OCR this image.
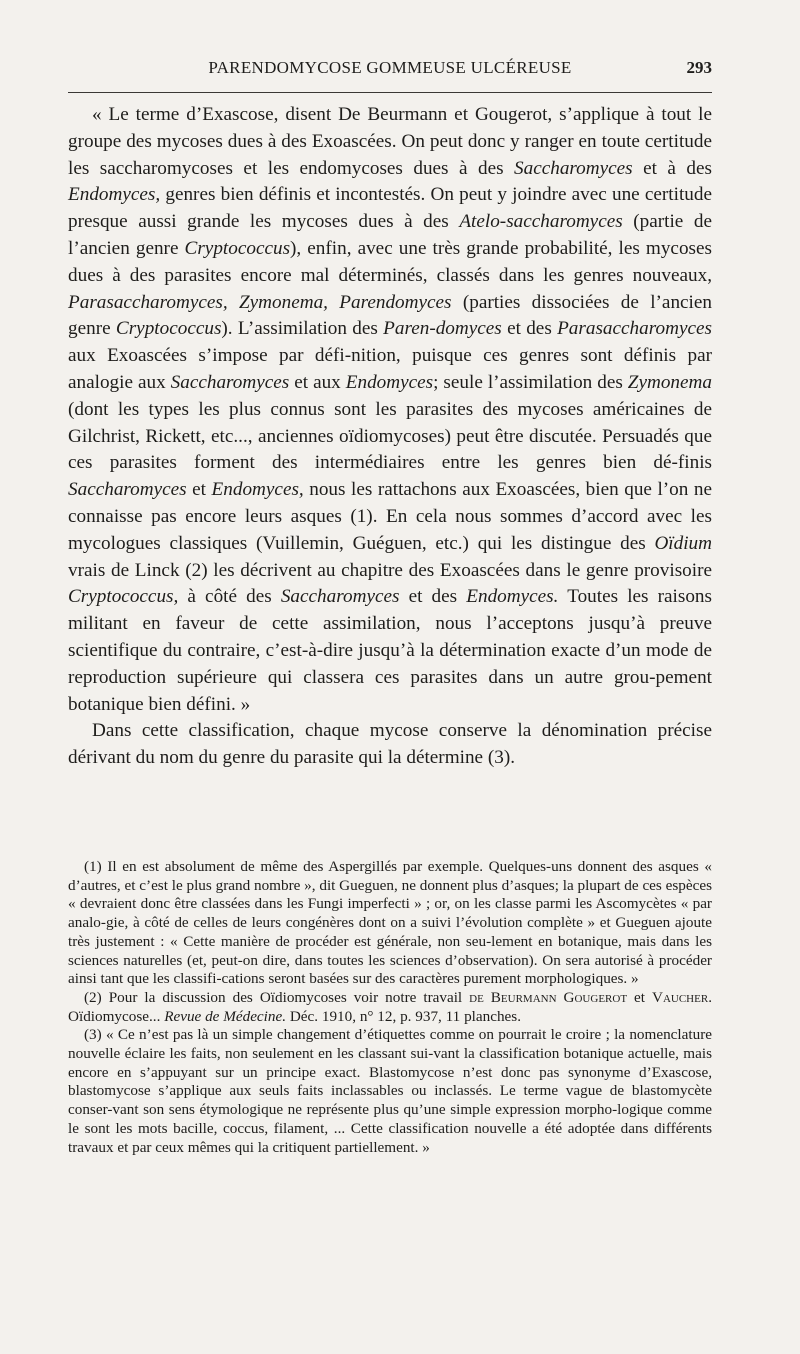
PARENDOMYCOSE GOMMEUSE ULCÉREUSE	293

« Le terme d’Exascose, disent De Beurmann et Gougerot, s’applique à tout le groupe des mycoses dues à des Exoascées. On peut donc y ranger en toute certitude les saccharomycoses et les endomycoses dues à des Saccharomyces et à des Endomyces, genres bien définis et incontestés. On peut y joindre avec une certitude presque aussi grande les mycoses dues à des Atelo-saccharomyces (partie de l’ancien genre Cryptococcus), enfin, avec une très grande probabilité, les mycoses dues à des parasites encore mal déterminés, classés dans les genres nouveaux, Parasaccharomyces, Zymonema, Parendomyces (parties dissociées de l’ancien genre Cryptococcus). L’assimilation des Paren-domyces et des Parasaccharomyces aux Exoascées s’impose par défi-nition, puisque ces genres sont définis par analogie aux Saccharomyces et aux Endomyces; seule l’assimilation des Zymonema (dont les types les plus connus sont les parasites des mycoses américaines de Gilchrist, Rickett, etc..., anciennes oïdiomycoses) peut être discutée. Persuadés que ces parasites forment des intermédiaires entre les genres bien dé-finis Saccharomyces et Endomyces, nous les rattachons aux Exoascées, bien que l’on ne connaisse pas encore leurs asques (1). En cela nous sommes d’accord avec les mycologues classiques (Vuillemin, Guéguen, etc.) qui les distingue des Oïdium vrais de Linck (2) les décrivent au chapitre des Exoascées dans le genre provisoire Cryptococcus, à côté des Saccharomyces et des Endomyces. Toutes les raisons militant en faveur de cette assimilation, nous l’acceptons jusqu’à preuve scientifique du contraire, c’est-à-dire jusqu’à la détermination exacte d’un mode de reproduction supérieure qui classera ces parasites dans un autre grou-pement botanique bien défini. »

Dans cette classification, chaque mycose conserve la dénomination précise dérivant du nom du genre du parasite qui la détermine (3).

(1) Il en est absolument de même des Aspergillés par exemple. Quelques-uns donnent des asques « d’autres, et c’est le plus grand nombre », dit Gueguen, ne donnent plus d’asques; la plupart de ces espèces « devraient donc être classées dans les Fungi imperfecti » ; or, on les classe parmi les Ascomycètes « par analo-gie, à côté de celles de leurs congénères dont on a suivi l’évolution complète » et Gueguen ajoute très justement : « Cette manière de procéder est générale, non seu-lement en botanique, mais dans les sciences naturelles (et, peut-on dire, dans toutes les sciences d’observation). On sera autorisé à procéder ainsi tant que les classifi-cations seront basées sur des caractères purement morphologiques. »

(2) Pour la discussion des Oïdiomycoses voir notre travail de Beurmann Gougerot et Vaucher. Oïdiomycose... Revue de Médecine. Déc. 1910, n° 12, p. 937, 11 planches.

(3) « Ce n’est pas là un simple changement d’étiquettes comme on pourrait le croire ; la nomenclature nouvelle éclaire les faits, non seulement en les classant sui-vant la classification botanique actuelle, mais encore en s’appuyant sur un principe exact. Blastomycose n’est donc pas synonyme d’Exascose, blastomycose s’applique aux seuls faits inclassables ou inclassés. Le terme vague de blastomycète conser-vant son sens étymologique ne représente plus qu’une simple expression morpho-logique comme le sont les mots bacille, coccus, filament, ... Cette classification nouvelle a été adoptée dans différents travaux et par ceux mêmes qui la critiquent partiellement. »
